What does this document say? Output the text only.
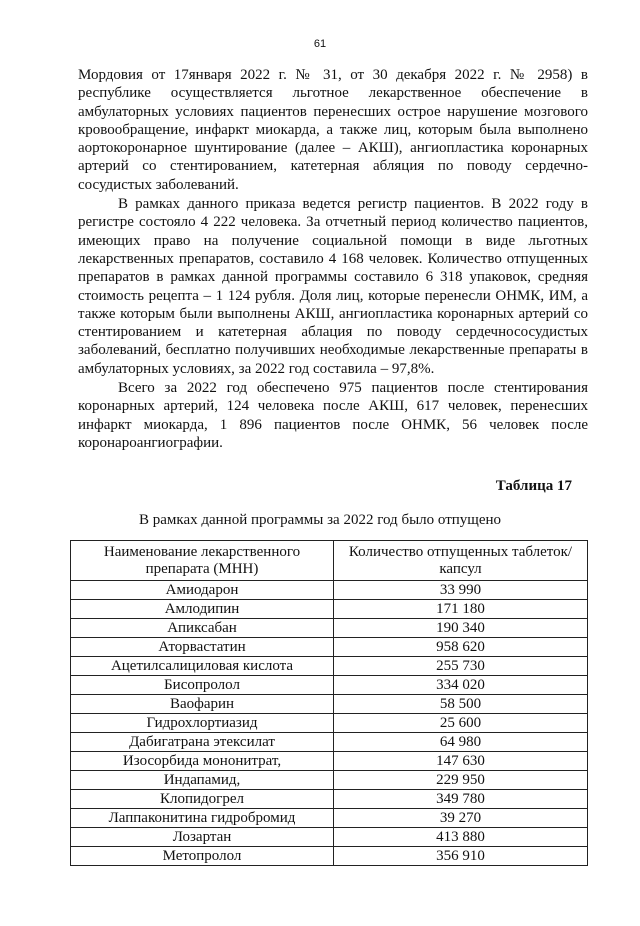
61

Мордовия от 17января 2022 г. № 31, от 30 декабря 2022 г. № 2958) в республике осуществляется льготное лекарственное обеспечение в амбулаторных условиях пациентов перенесших острое нарушение мозгового кровообращение, инфаркт миокарда, а также лиц, которым была выполнено аортокоронарное шунтирование (далее – АКШ), ангиопластика коронарных артерий со стентированием, катетерная абляция по поводу сердечно-сосудистых заболеваний.

В рамках данного приказа ведется регистр пациентов. В 2022 году в регистре состояло 4 222 человека. За отчетный период количество пациентов, имеющих право на получение социальной помощи в виде льготных лекарственных препаратов, составило 4 168 человек. Количество отпущенных препаратов в рамках данной программы составило 6 318 упаковок, средняя стоимость рецепта – 1 124 рубля. Доля лиц, которые перенесли ОНМК, ИМ, а также которым были выполнены АКШ, ангиопластика коронарных артерий со стентированием и катетерная аблация по поводу сердечнососудистых заболеваний, бесплатно получивших необходимые лекарственные препараты в амбулаторных условиях, за 2022 год составила – 97,8%.

Всего за 2022 год обеспечено 975 пациентов после стентирования коронарных артерий, 124 человека после АКШ, 617 человек, перенесших инфаркт миокарда, 1 896 пациентов после ОНМК, 56 человек после коронароангиографии.

Таблица 17
В рамках данной программы за 2022 год было отпущено
Наименование лекарственного препарата (МНН)	Количество отпущенных таблеток/капсул
Амиодарон	33 990
Амлодипин	171 180
Апиксабан	190 340
Аторвастатин	958 620
Ацетилсалициловая кислота	255 730
Бисопролол	334 020
Ваофарин	58 500
Гидрохлортиазид	25 600
Дабигатрана этексилат	64 980
Изосорбида мононитрат,	147 630
Индапамид,	229 950
Клопидогрел	349 780
Лаппаконитина гидробромид	39 270
Лозартан	413 880
Метопролол	356 910
